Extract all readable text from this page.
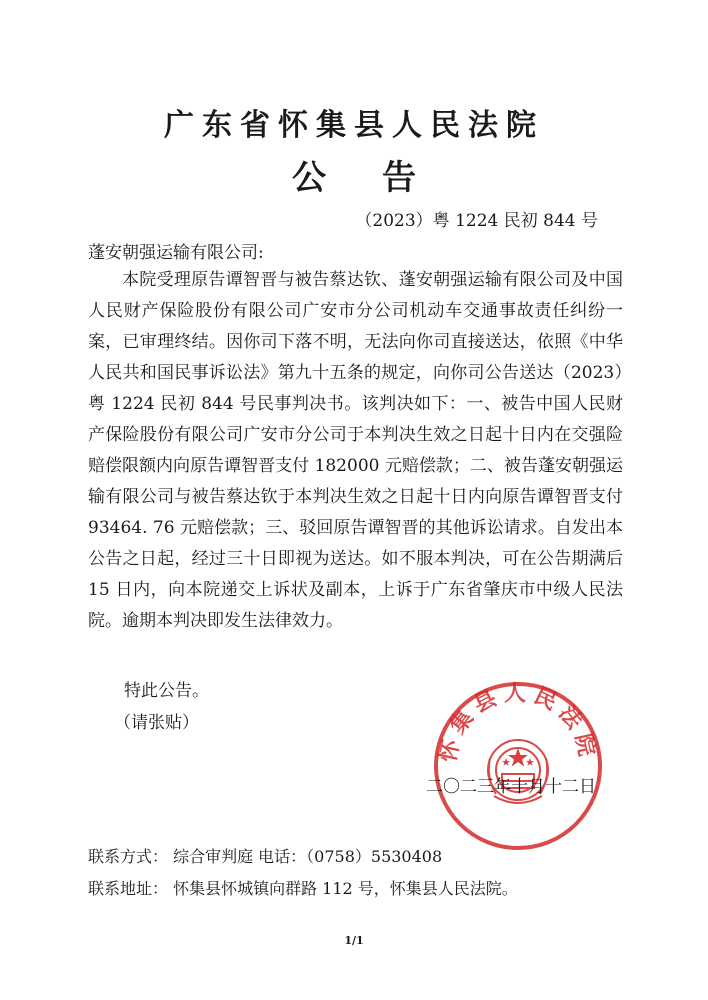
广东省怀集县人民法院
公告
（2023）粤 1224 民初 844 号
蓬安朝强运输有限公司:

本院受理原告谭智晋与被告蔡达钦、蓬安朝强运输有限公司及中国人民财产保险股份有限公司广安市分公司机动车交通事故责任纠纷一案，已审理终结。因你司下落不明，无法向你司直接送达，依照《中华人民共和国民事诉讼法》第九十五条的规定，向你司公告送达（2023）粤 1224 民初 844 号民事判决书。该判决如下：一、被告中国人民财产保险股份有限公司广安市分公司于本判决生效之日起十日内在交强险赔偿限额内向原告谭智晋支付 182000 元赔偿款；二、被告蓬安朝强运输有限公司与被告蔡达钦于本判决生效之日起十日内向原告谭智晋支付 93464. 76 元赔偿款；三、驳回原告谭智晋的其他诉讼请求。自发出本公告之日起，经过三十日即视为送达。如不服本判决，可在公告期满后 15 日内，向本院递交上诉状及副本，上诉于广东省肇庆市中级人民法院。逾期本判决即发生法律效力。

特此公告。
（请张贴）
怀集县人民法院
二〇二三年十月十二日
联系方式： 综合审判庭 电话：（0758）5530408
联系地址： 怀集县怀城镇向群路 112 号，怀集县人民法院。
1/1
